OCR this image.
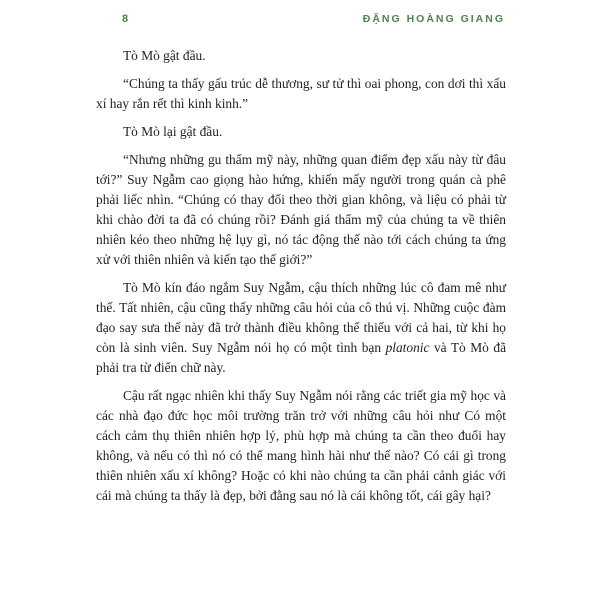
8	ĐẶNG HOÀNG GIANG

Tò Mò gật đầu.

“Chúng ta thấy gấu trúc dễ thương, sư tử thì oai phong, con dơi thì xấu xí hay rắn rết thì kinh kinh.”

Tò Mò lại gật đầu.

“Nhưng những gu thẩm mỹ này, những quan điểm đẹp xấu này từ đâu tới?” Suy Ngẫm cao giọng hào hứng, khiến mấy người trong quán cà phê phải liếc nhìn. “Chúng có thay đổi theo thời gian không, và liệu có phải từ khi chào đời ta đã có chúng rồi? Đánh giá thẩm mỹ của chúng ta về thiên nhiên kéo theo những hệ lụy gì, nó tác động thế nào tới cách chúng ta ứng xử với thiên nhiên và kiến tạo thế giới?”

Tò Mò kín đáo ngắm Suy Ngẫm, cậu thích những lúc cô đam mê như thế. Tất nhiên, cậu cũng thấy những câu hỏi của cô thú vị. Những cuộc đàm đạo say sưa thế này đã trở thành điều không thể thiếu với cả hai, từ khi họ còn là sinh viên. Suy Ngẫm nói họ có một tình bạn platonic và Tò Mò đã phải tra từ điển chữ này.

Cậu rất ngạc nhiên khi thấy Suy Ngẫm nói rằng các triết gia mỹ học và các nhà đạo đức học môi trường trăn trở với những câu hỏi như Có một cách cảm thụ thiên nhiên hợp lý, phù hợp mà chúng ta cần theo đuổi hay không, và nếu có thì nó có thể mang hình hài như thế nào? Có cái gì trong thiên nhiên xấu xí không? Hoặc có khi nào chúng ta cần phải cảnh giác với cái mà chúng ta thấy là đẹp, bởi đằng sau nó là cái không tốt, cái gây hại?
